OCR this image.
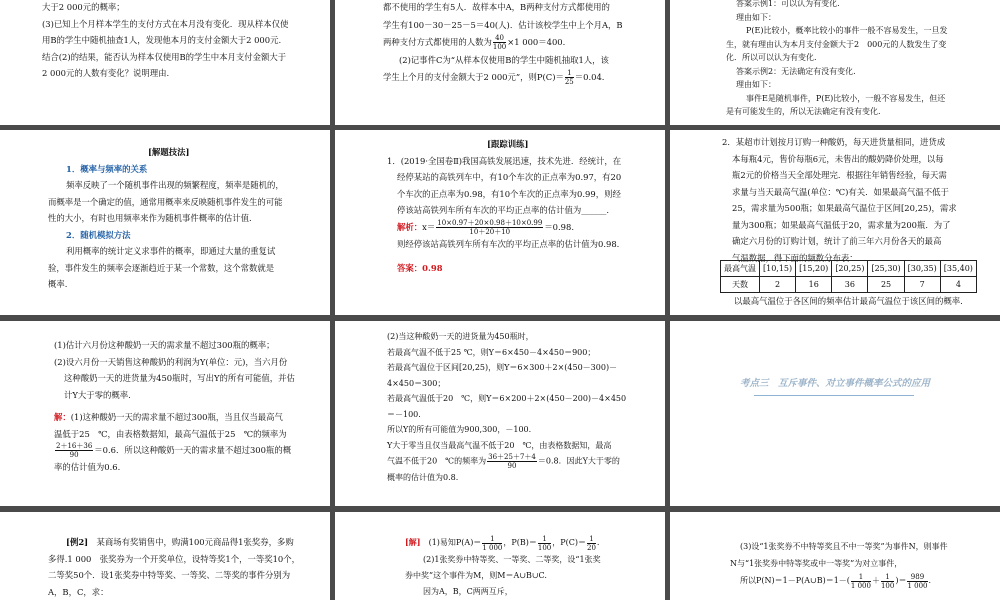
大于2 000元的概率；

(3)已知上个月样本学生的支付方式在本月没有变化．现从样本仅使

用B的学生中随机抽查1人，发现他本月的支付金额大于2 000元.

结合(2)的结果，能否认为样本仅使用B的学生中本月支付金额大于

2 000元的人数有变化？说明理由.

都不使用的学生有5人．故样本中A，B两种支付方式都使用的

学生有100－30－25－5＝40(人)．估计该校学生中上个月A，B

两种支付方式都使用的人数为 $\frac{40}{100} \times 1$ 000＝400.

(2)记事件C为“从样本仅使用B的学生中随机抽取1人，该

学生上个月的支付金额大于2 000元”，则$P(C)= \frac{1}{25} =0.04$.

答案示例1：可以认为有变化.

理由如下：

P(E)比较小，概率比较小的事件一般不容易发生，一旦发

生，就有理由认为本月支付金额大于2　000元的人数发生了变

化．所以可以认为有变化.

答案示例2：无法确定有没有变化.

理由如下：

事件E是随机事件，P(E)比较小，一般不容易发生，但还

是有可能发生的，所以无法确定有没有变化.

[解题技法]

1．概率与频率的关系

频率反映了一个随机事件出现的频繁程度，频率是随机的，

而概率是一个确定的值，通常用概率来反映随机事件发生的可能

性的大小，有时也用频率来作为随机事件概率的估计值.

2．随机模拟方法

利用概率的统计定义求事件的概率，即通过大量的重复试

验，事件发生的频率会逐渐趋近于某一个常数，这个常数就是

概率.

[跟踪训练]

1．(2019·全国卷Ⅱ)我国高铁发展迅速，技术先进．经统计，在

经停某站的高铁列车中，有10个车次的正点率为0.97，有20

个车次的正点率为0.98，有10个车次的正点率为0.99，则经

停该站高铁列车所有车次的平均正点率的估计值为______.

解析：$x= \frac{10\times 0.97+20\times 0.98+10\times 0.99}{10+20+10} =0.98$.

则经停该站高铁列车所有车次的平均正点率的估计值为0.98.

答案：0.98

2．某超市计划按月订购一种酸奶，每天进货量相同，进货成

本每瓶4元，售价每瓶6元，未售出的酸奶降价处理，以每

瓶2元的价格当天全部处理完．根据往年销售经验，每天需

求量与当天最高气温(单位：℃)有关．如果最高气温不低于

25，需求量为500瓶；如果最高气温位于区间[20,25)，需求

量为300瓶；如果最高气温低于20，需求量为200瓶．为了

确定六月份的订购计划，统计了前三年六月份各天的最高

气温数据，得下面的频数分布表：

最高气温	[10,15)	[15,20)	[20,25)	[25,30)	[30,35)	[35,40)
天数	2	16	36	25	7	4
以最高气温位于各区间的频率估计最高气温位于该区间的概率.

(1)估计六月份这种酸奶一天的需求量不超过300瓶的概率；

(2)设六月份一天销售这种酸奶的利润为Y(单位：元)，当六月份

这种酸奶一天的进货量为450瓶时，写出Y的所有可能值，并估

计Y大于零的概率.

解：(1)这种酸奶一天的需求量不超过300瓶，当且仅当最高气

温低于25　℃，由表格数据知，最高气温低于25　℃的频率为

$\frac{2+16+36}{90} =0.6$．所以这种酸奶一天的需求量不超过300瓶的概

率的估计值为0.6.

(2)当这种酸奶一天的进货量为450瓶时，

若最高气温不低于25 ℃，则Y＝6×450－4×450＝900；

若最高气温位于区间[20,25)，则Y＝6×300＋2×(450－300)－

4×450＝300；

若最高气温低于20　℃，则Y＝6×200＋2×(450－200)－4×450

＝－100.

所以Y的所有可能值为900,300，－100.

Y大于零当且仅当最高气温不低于20　℃，由表格数据知，最高

气温不低于20　℃的频率为 $\frac{36+25+7+4}{90} =0.8$．因此Y大于零的

概率的估计值为0.8.

考点三　互斥事件、对立事件概率公式的应用

[例2]　 某商场有奖销售中，购满100元商品得1张奖券，多购

多得.1 000　张奖券为一个开奖单位，设特等奖1个，一等奖10个，

二等奖50个．设1张奖券中特等奖、一等奖、二等奖的事件分别为

A，B，C，求：

[解]　 (1)易知$P(A)= \frac{1}{1 000}$ ，$P(B)= \frac{1}{100}$ ，$P(C)= \frac{1}{20}$ .

(2)1张奖券中特等奖、一等奖、二等奖，设“1张奖

券中奖”这个事件为M，则M＝A∪B∪C.

因为A，B，C两两互斥，

(3)设“1张奖券不中特等奖且不中一等奖”为事件N，则事件

N与“1张奖券中特等奖或中一等奖”为对立事件，

所以P(N)＝1－P(A∪B)＝1－( $\frac{1}{1 000} + \frac{1}{100}$ )＝ $\frac{989}{1 000}$ .
